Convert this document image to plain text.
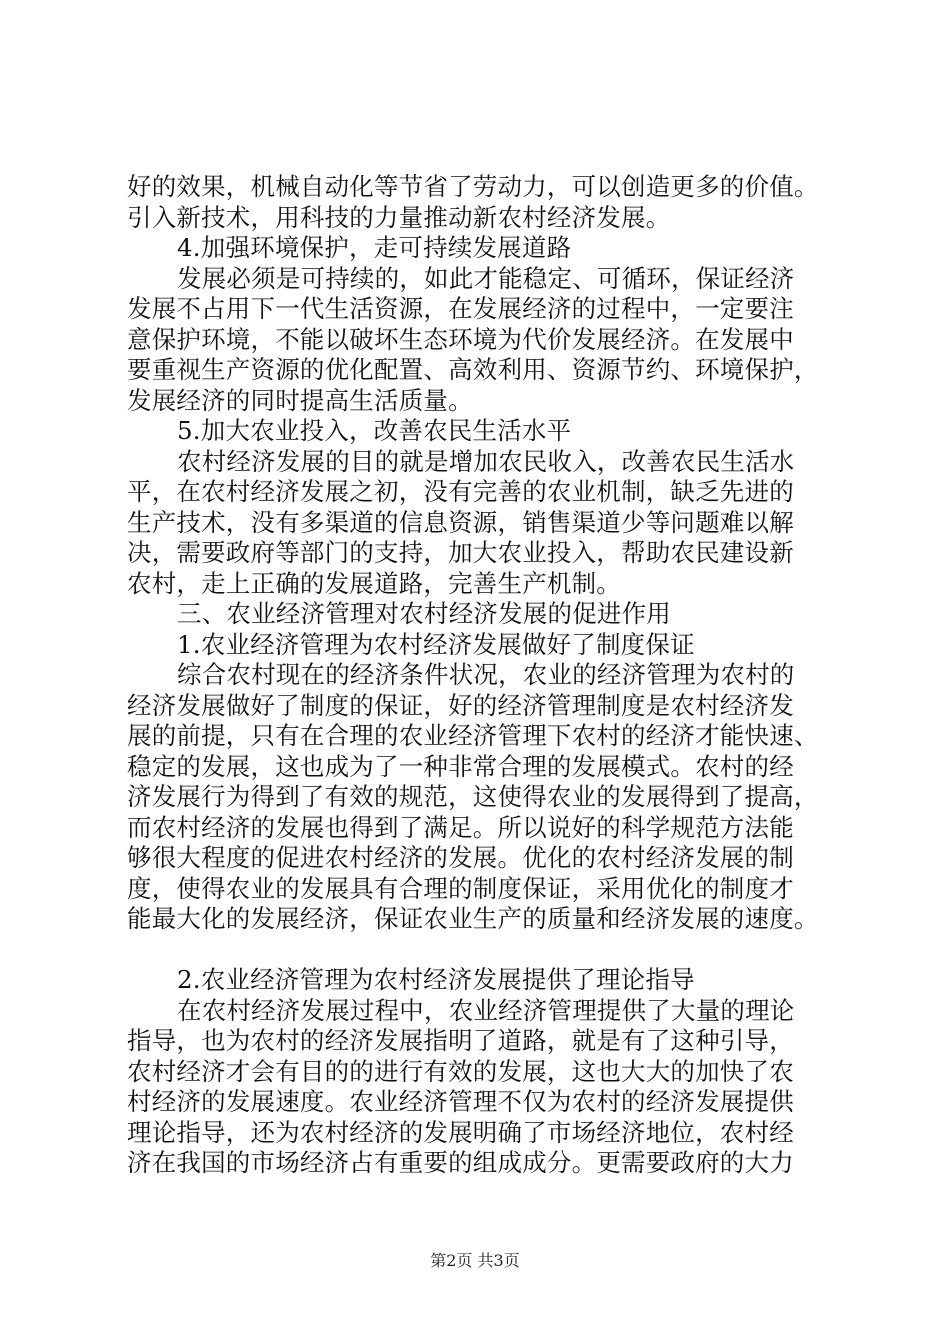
好的效果，机械自动化等节省了劳动力，可以创造更多的价值。
引入新技术，用科技的力量推动新农村经济发展。
4.加强环境保护，走可持续发展道路
发展必须是可持续的，如此才能稳定、可循环，保证经济
发展不占用下一代生活资源，在发展经济的过程中，一定要注
意保护环境，不能以破坏生态环境为代价发展经济。在发展中
要重视生产资源的优化配置、高效利用、资源节约、环境保护，
发展经济的同时提高生活质量。
5.加大农业投入，改善农民生活水平
农村经济发展的目的就是增加农民收入，改善农民生活水
平，在农村经济发展之初，没有完善的农业机制，缺乏先进的
生产技术，没有多渠道的信息资源，销售渠道少等问题难以解
决，需要政府等部门的支持，加大农业投入，帮助农民建设新
农村，走上正确的发展道路，完善生产机制。
三、农业经济管理对农村经济发展的促进作用
1.农业经济管理为农村经济发展做好了制度保证
综合农村现在的经济条件状况，农业的经济管理为农村的
经济发展做好了制度的保证，好的经济管理制度是农村经济发
展的前提，只有在合理的农业经济管理下农村的经济才能快速、
稳定的发展，这也成为了一种非常合理的发展模式。农村的经
济发展行为得到了有效的规范，这使得农业的发展得到了提高，
而农村经济的发展也得到了满足。所以说好的科学规范方法能
够很大程度的促进农村经济的发展。优化的农村经济发展的制
度，使得农业的发展具有合理的制度保证，采用优化的制度才
能最大化的发展经济，保证农业生产的质量和经济发展的速度。
2.农业经济管理为农村经济发展提供了理论指导
在农村经济发展过程中，农业经济管理提供了大量的理论
指导，也为农村的经济发展指明了道路，就是有了这种引导，
农村经济才会有目的的进行有效的发展，这也大大的加快了农
村经济的发展速度。农业经济管理不仅为农村的经济发展提供
理论指导，还为农村经济的发展明确了市场经济地位，农村经
济在我国的市场经济占有重要的组成成分。更需要政府的大力
第2页 共3页
